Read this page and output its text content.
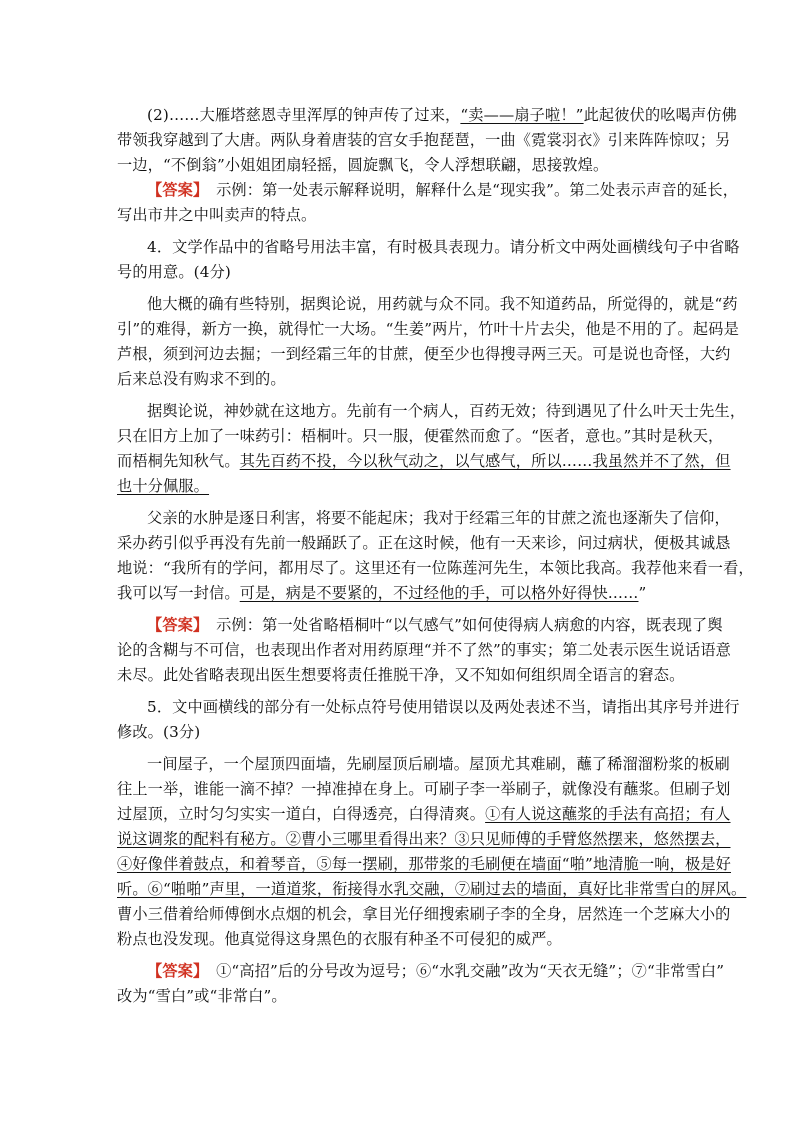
(2)……大雁塔慈恩寺里浑厚的钟声传了过来，“卖——扇子啦！”此起彼伏的吆喝声仿佛
带领我穿越到了大唐。两队身着唐装的宫女手抱琵琶，一曲《霓裳羽衣》引来阵阵惊叹；另
一边，“不倒翁”小姐姐团扇轻摇，圆旋飘飞，令人浮想联翩，思接敦煌。
【答案】　示例：第一处表示解释说明，解释什么是“现实我”。第二处表示声音的延长，
写出市井之中叫卖声的特点。
4．文学作品中的省略号用法丰富，有时极具表现力。请分析文中两处画横线句子中省略
号的用意。(4分)
他大概的确有些特别，据舆论说，用药就与众不同。我不知道药品，所觉得的，就是“药
引”的难得，新方一换，就得忙一大场。“生姜”两片，竹叶十片去尖，他是不用的了。起码是
芦根，须到河边去掘；一到经霜三年的甘蔗，便至少也得搜寻两三天。可是说也奇怪，大约
后来总没有购求不到的。
据舆论说，神妙就在这地方。先前有一个病人，百药无效；待到遇见了什么叶天士先生，
只在旧方上加了一味药引：梧桐叶。只一服，便霍然而愈了。“医者，意也。”其时是秋天，
而梧桐先知秋气。其先百药不投，今以秋气动之，以气感气，所以……我虽然并不了然，但
也十分佩服。
父亲的水肿是逐日利害，将要不能起床；我对于经霜三年的甘蔗之流也逐渐失了信仰，
采办药引似乎再没有先前一般踊跃了。正在这时候，他有一天来诊，问过病状，便极其诚恳
地说：“我所有的学问，都用尽了。这里还有一位陈莲河先生，本领比我高。我荐他来看一看，
我可以写一封信。可是，病是不要紧的，不过经他的手，可以格外好得快……”
【答案】　示例：第一处省略梧桐叶“以气感气”如何使得病人病愈的内容，既表现了舆
论的含糊与不可信，也表现出作者对用药原理“并不了然”的事实；第二处表示医生说话语意
未尽。此处省略表现出医生想要将责任推脱干净，又不知如何组织周全语言的窘态。
5．文中画横线的部分有一处标点符号使用错误以及两处表述不当，请指出其序号并进行
修改。(3分)
一间屋子，一个屋顶四面墙，先刷屋顶后刷墙。屋顶尤其难刷，蘸了稀溜溜粉浆的板刷
往上一举，谁能一滴不掉？一掉准掉在身上。可刷子李一举刷子，就像没有蘸浆。但刷子划
过屋顶，立时匀匀实实一道白，白得透亮，白得清爽。①有人说这蘸浆的手法有高招；有人
说这调浆的配料有秘方。②曹小三哪里看得出来？③只见师傅的手臂悠然摆来，悠然摆去，
④好像伴着鼓点，和着琴音，⑤每一摆刷，那带浆的毛刷便在墙面“啪”地清脆一响，极是好
听。⑥“啪啪”声里，一道道浆，衔接得水乳交融，⑦刷过去的墙面，真好比非常雪白的屏风。
曹小三借着给师傅倒水点烟的机会，拿目光仔细搜索刷子李的全身，居然连一个芝麻大小的
粉点也没发现。他真觉得这身黑色的衣服有种圣不可侵犯的威严。
【答案】　①“高招”后的分号改为逗号；⑥“水乳交融”改为“天衣无缝”；⑦“非常雪白”
改为“雪白”或“非常白”。
